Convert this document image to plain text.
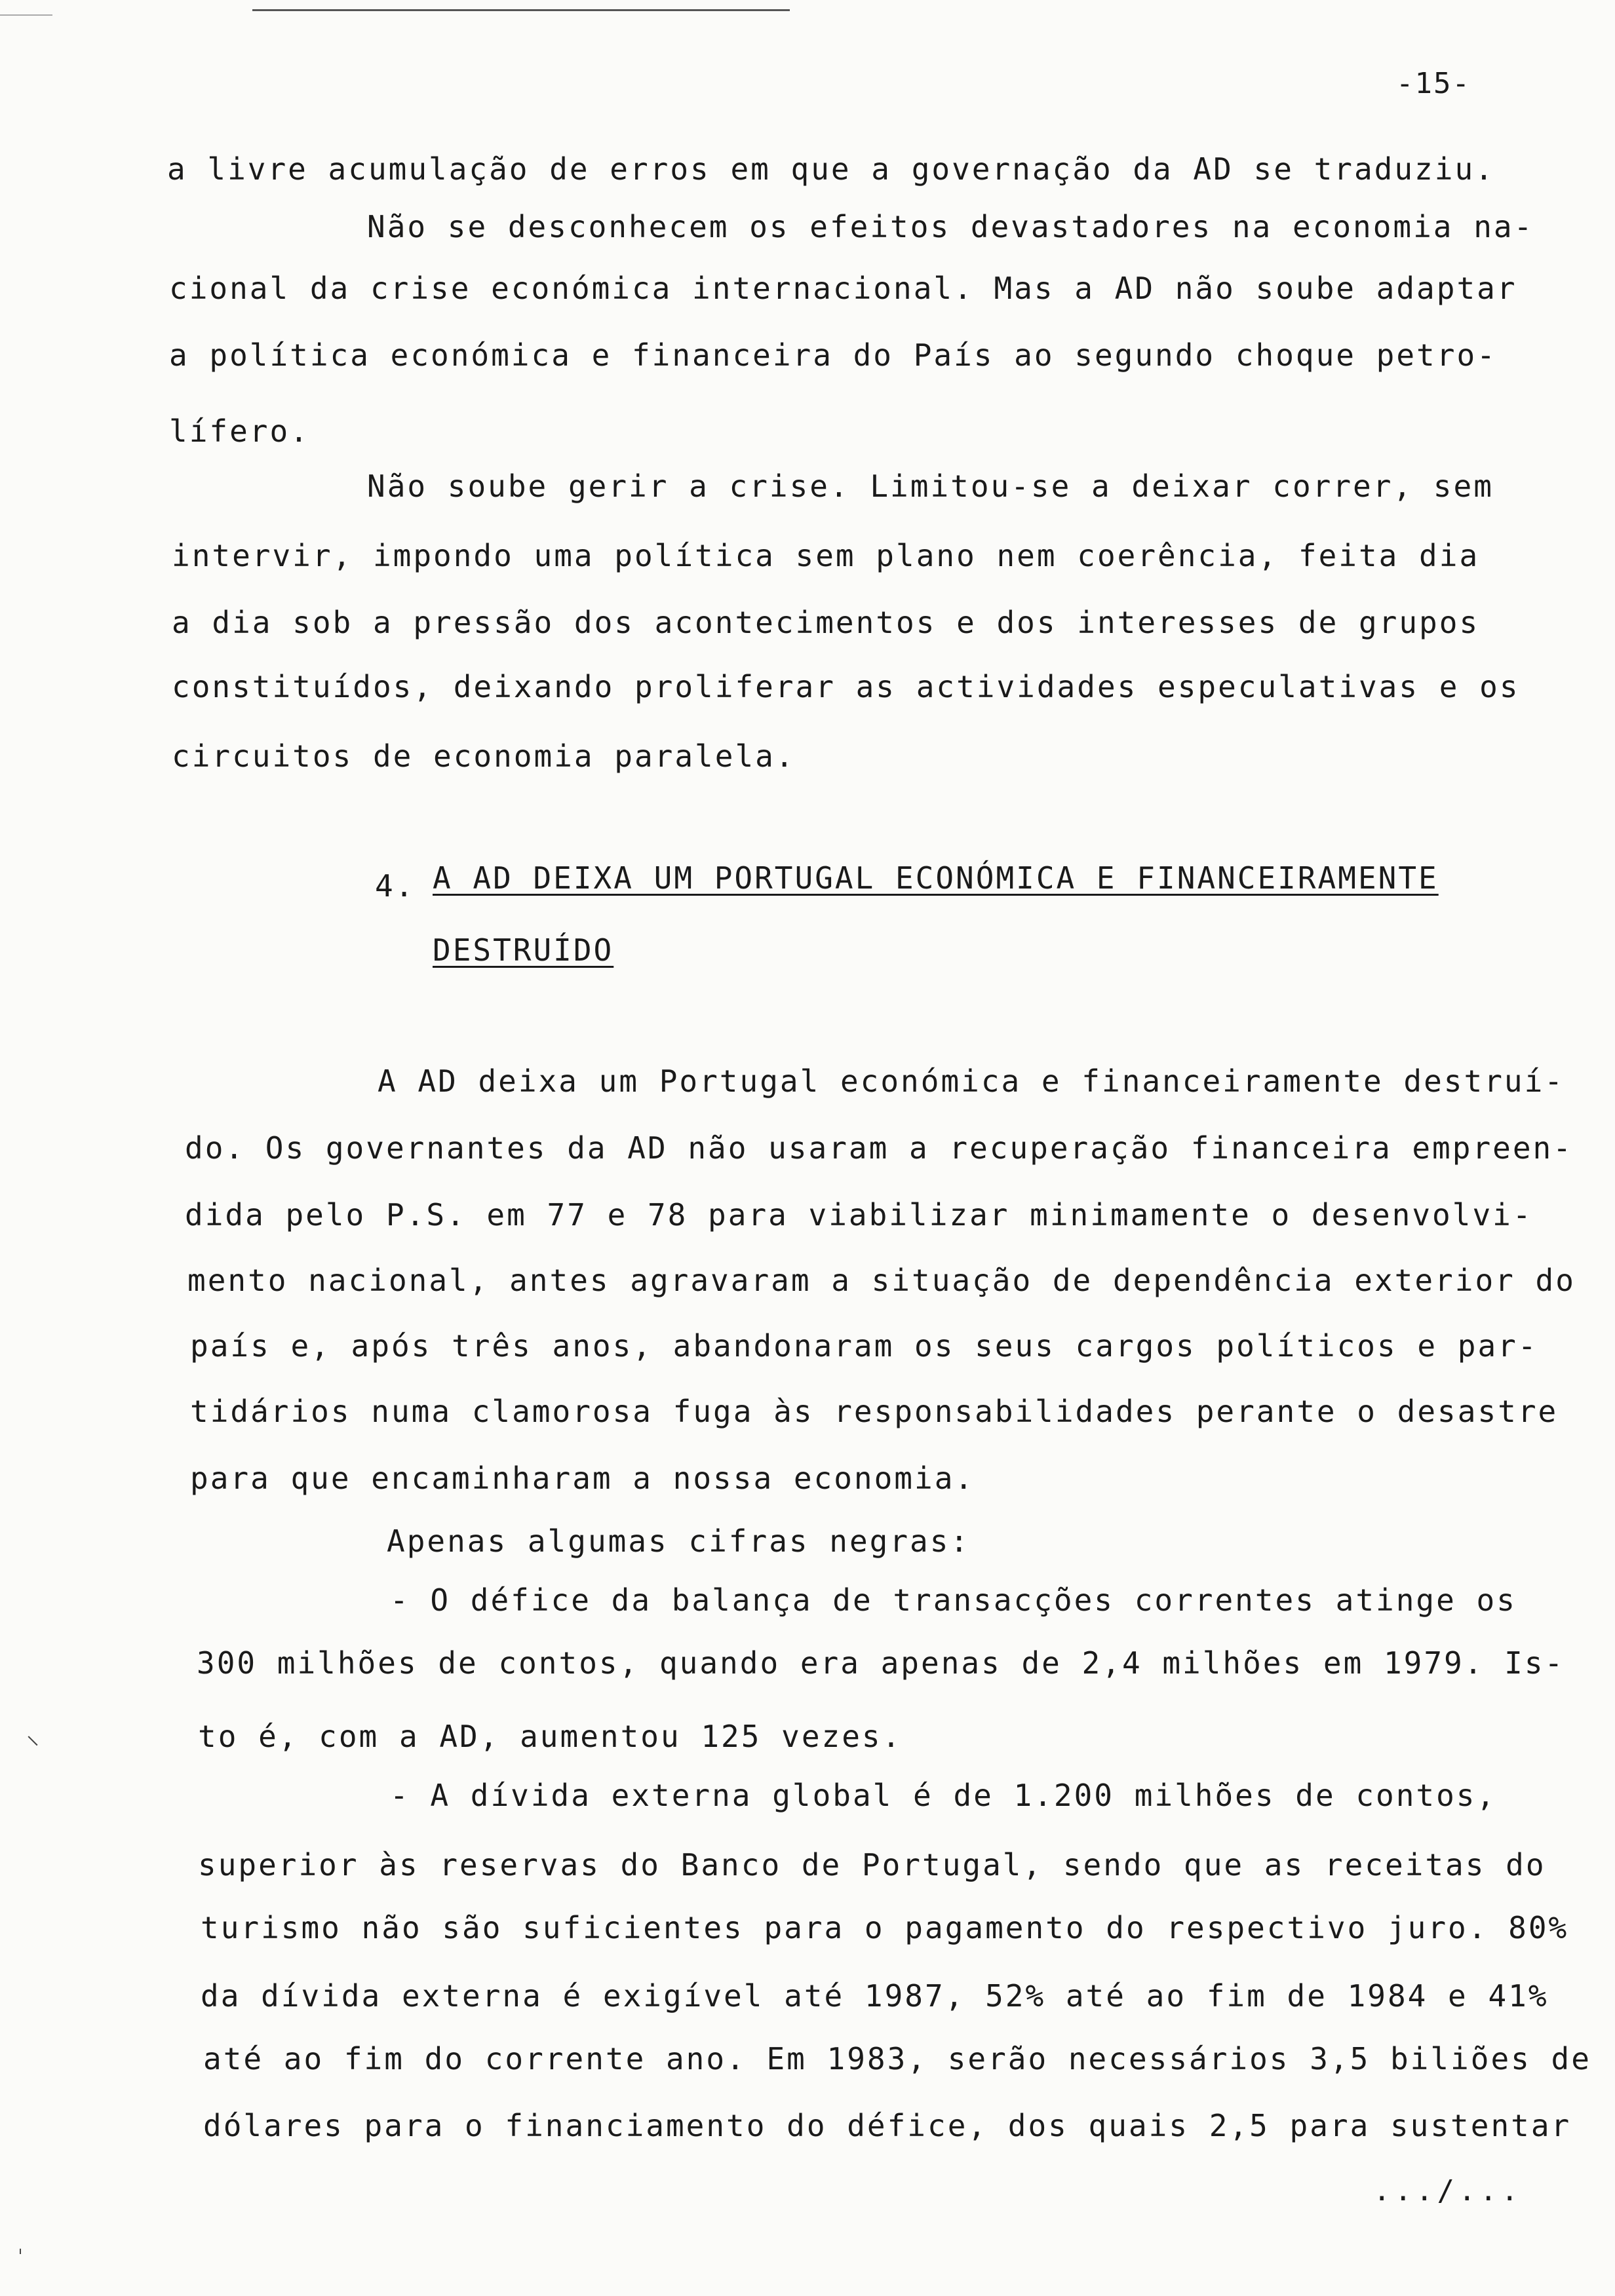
-15-
a livre acumulação de erros em que a governação da AD se traduziu.
Não se desconhecem os efeitos devastadores na economia na-
cional da crise económica internacional. Mas a AD não soube adaptar
a política económica e financeira do País ao segundo choque petro-
lífero.
Não soube gerir a crise. Limitou-se a deixar correr, sem
intervir, impondo uma política sem plano nem coerência, feita dia
a dia sob a pressão dos acontecimentos e dos interesses de grupos
constituídos, deixando proliferar as actividades especulativas e os
circuitos de economia paralela.
4. A AD DEIXA UM PORTUGAL ECONÓMICA E FINANCEIRAMENTE
DESTRUÍDO
A AD deixa um Portugal económica e financeiramente destruí-
do. Os governantes da AD não usaram a recuperação financeira empreen-
dida pelo P.S. em 77 e 78 para viabilizar minimamente o desenvolvi-
mento nacional, antes agravaram a situação de dependência exterior do
país e, após três anos, abandonaram os seus cargos políticos e par-
tidários numa clamorosa fuga às responsabilidades perante o desastre
para que encaminharam a nossa economia.
Apenas algumas cifras negras:
- O défice da balança de transacções correntes atinge os
300 milhões de contos, quando era apenas de 2,4 milhões em 1979. Is-
to é, com a AD, aumentou 125 vezes.
- A dívida externa global é de 1.200 milhões de contos,
superior às reservas do Banco de Portugal, sendo que as receitas do
turismo não são suficientes para o pagamento do respectivo juro. 80%
da dívida externa é exigível até 1987, 52% até ao fim de 1984 e 41%
até ao fim do corrente ano. Em 1983, serão necessários 3,5 biliões de
dólares para o financiamento do défice, dos quais 2,5 para sustentar
.../...
⸜
ˈ
